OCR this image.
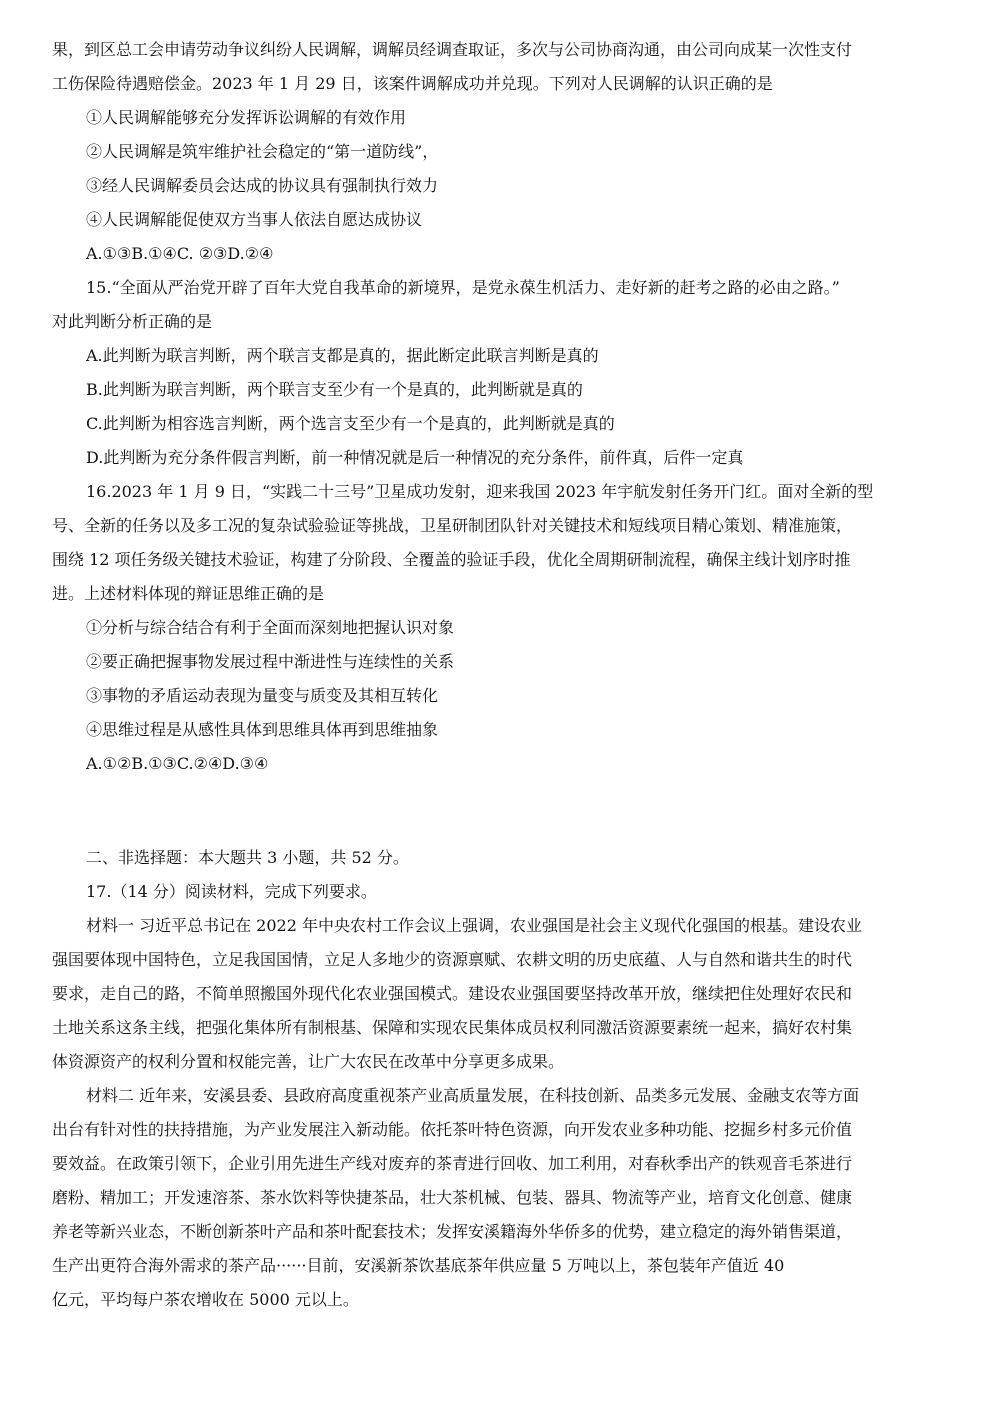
果，到区总工会申请劳动争议纠纷人民调解，调解员经调查取证，多次与公司协商沟通，由公司向成某一次性支付
工伤保险待遇赔偿金。2023 年 1 月 29 日，该案件调解成功并兑现。下列对人民调解的认识正确的是
①人民调解能够充分发挥诉讼调解的有效作用
②人民调解是筑牢维护社会稳定的“第一道防线”，
③经人民调解委员会达成的协议具有强制执行效力
④人民调解能促使双方当事人依法自愿达成协议
A.①③B.①④C. ②③D.②④
15.“全面从严治党开辟了百年大党自我革命的新境界，是党永葆生机活力、走好新的赶考之路的必由之路。”
对此判断分析正确的是
A.此判断为联言判断，两个联言支都是真的，据此断定此联言判断是真的
B.此判断为联言判断，两个联言支至少有一个是真的，此判断就是真的
C.此判断为相容选言判断，两个选言支至少有一个是真的，此判断就是真的
D.此判断为充分条件假言判断，前一种情况就是后一种情况的充分条件，前件真，后件一定真
16.2023 年 1 月 9 日，“实践二十三号”卫星成功发射，迎来我国 2023 年宇航发射任务开门红。面对全新的型
号、全新的任务以及多工况的复杂试验验证等挑战，卫星研制团队针对关键技术和短线项目精心策划、精准施策，
围绕 12 项任务级关键技术验证，构建了分阶段、全覆盖的验证手段，优化全周期研制流程，确保主线计划序时推
进。上述材料体现的辩证思维正确的是
①分析与综合结合有利于全面而深刻地把握认识对象
②要正确把握事物发展过程中渐进性与连续性的关系
③事物的矛盾运动表现为量变与质变及其相互转化
④思维过程是从感性具体到思维具体再到思维抽象
A.①②B.①③C.②④D.③④
二、非选择题：本大题共 3 小题，共 52 分。
17.（14 分）阅读材料，完成下列要求。
材料一 习近平总书记在 2022 年中央农村工作会议上强调，农业强国是社会主义现代化强国的根基。建设农业
强国要体现中国特色，立足我国国情，立足人多地少的资源禀赋、农耕文明的历史底蕴、人与自然和谐共生的时代
要求，走自己的路，不简单照搬国外现代化农业强国模式。建设农业强国要坚持改革开放，继续把住处理好农民和
土地关系这条主线，把强化集体所有制根基、保障和实现农民集体成员权利同激活资源要素统一起来，搞好农村集
体资源资产的权利分置和权能完善，让广大农民在改革中分享更多成果。
材料二 近年来，安溪县委、县政府高度重视茶产业高质量发展，在科技创新、品类多元发展、金融支农等方面
出台有针对性的扶持措施，为产业发展注入新动能。依托茶叶特色资源，向开发农业多种功能、挖掘乡村多元价值
要效益。在政策引领下，企业引用先进生产线对废弃的茶青进行回收、加工利用，对春秋季出产的铁观音毛茶进行
磨粉、精加工；开发速溶茶、茶水饮料等快捷茶品，壮大茶机械、包装、器具、物流等产业，培育文化创意、健康
养老等新兴业态，不断创新茶叶产品和茶叶配套技术；发挥安溪籍海外华侨多的优势，建立稳定的海外销售渠道，
生产出更符合海外需求的茶产品······目前，安溪新茶饮基底茶年供应量 5 万吨以上，茶包装年产值近 40
亿元，平均每户茶农增收在 5000 元以上。
